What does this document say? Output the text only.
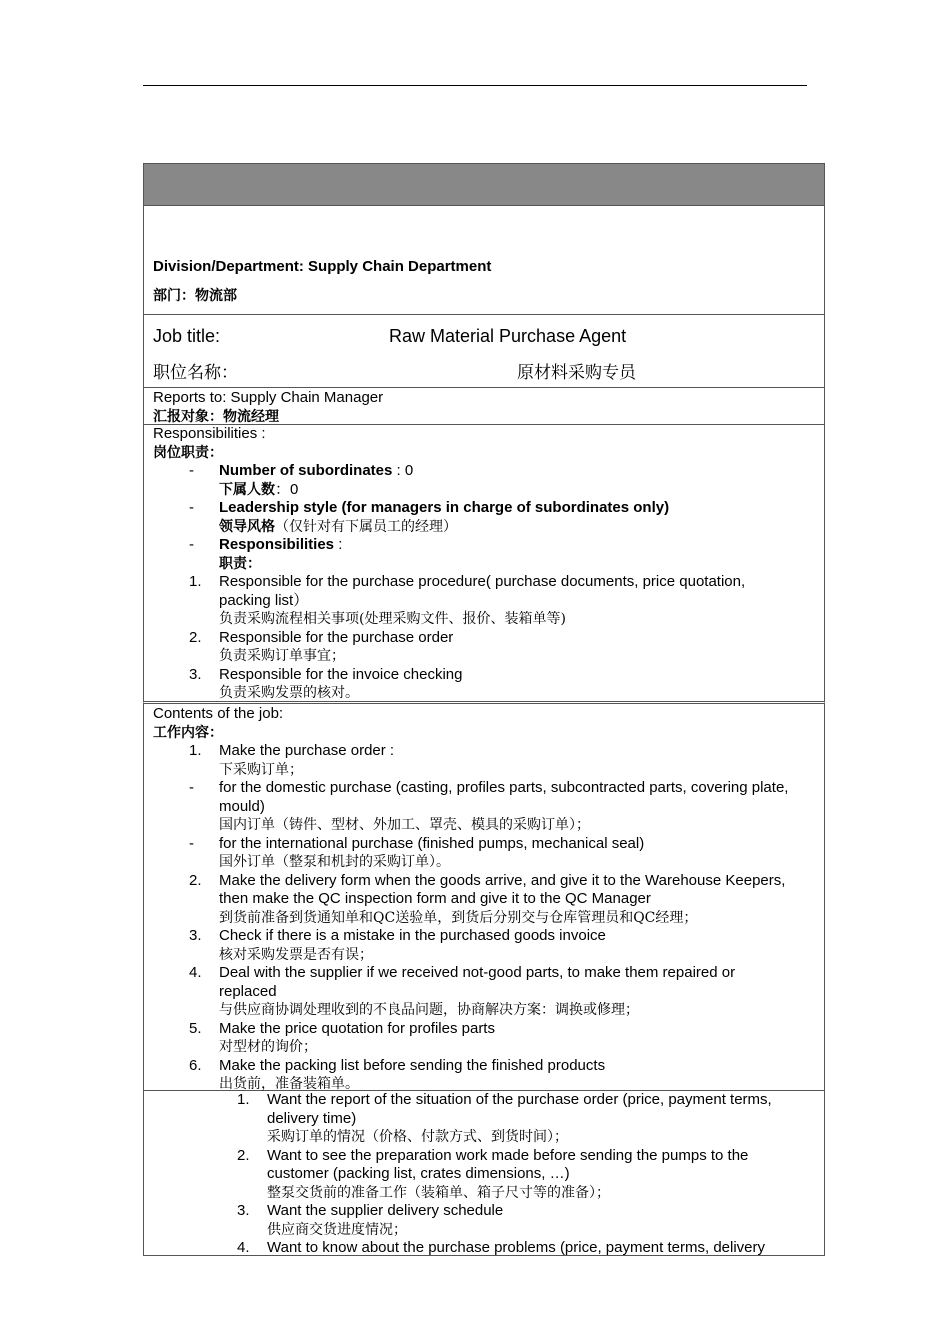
Division/Department: Supply Chain Department
部门：物流部
Job title:	Raw Material Purchase Agent
职位名称：	原材料采购专员
Reports to: Supply Chain Manager
汇报对象：物流经理
Responsibilities :
岗位职责：
- Number of subordinates : 0
下属人数：0
- Leadership style (for managers in charge of subordinates only)
领导风格（仅针对有下属员工的经理）
- Responsibilities :
职责：
1. Responsible for the purchase procedure( purchase documents, price quotation,
packing list）
负责采购流程相关事项(处理采购文件、报价、装箱单等)
2. Responsible for the purchase order
负责采购订单事宜；
3. Responsible for the invoice checking
负责采购发票的核对。
Contents of the job:
工作内容：
1. Make the purchase order :
下采购订单；
- for the domestic purchase (casting, profiles parts, subcontracted parts, covering plate,
mould)
国内订单（铸件、型材、外加工、罩壳、模具的采购订单）；
- for the international purchase (finished pumps, mechanical seal)
国外订单（整泵和机封的采购订单）。
2. Make the delivery form when the goods arrive, and give it to the Warehouse Keepers,
then make the QC inspection form and give it to the QC Manager
到货前准备到货通知单和QC送验单，到货后分别交与仓库管理员和QC经理；
3. Check if there is a mistake in the purchased goods invoice
核对采购发票是否有误；
4. Deal with the supplier if we received not-good parts, to make them repaired or
replaced
与供应商协调处理收到的不良品问题，协商解决方案：调换或修理；
5. Make the price quotation for profiles parts
对型材的询价；
6. Make the packing list before sending the finished products
出货前，准备装箱单。
1. Want the report of the situation of the purchase order (price, payment terms,
delivery time)
采购订单的情况（价格、付款方式、到货时间）；
2. Want to see the preparation work made before sending the pumps to the
customer (packing list, crates dimensions, …)
整泵交货前的准备工作（装箱单、箱子尺寸等的准备）；
3. Want the supplier delivery schedule
供应商交货进度情况；
4. Want to know about the purchase problems (price, payment terms, delivery
